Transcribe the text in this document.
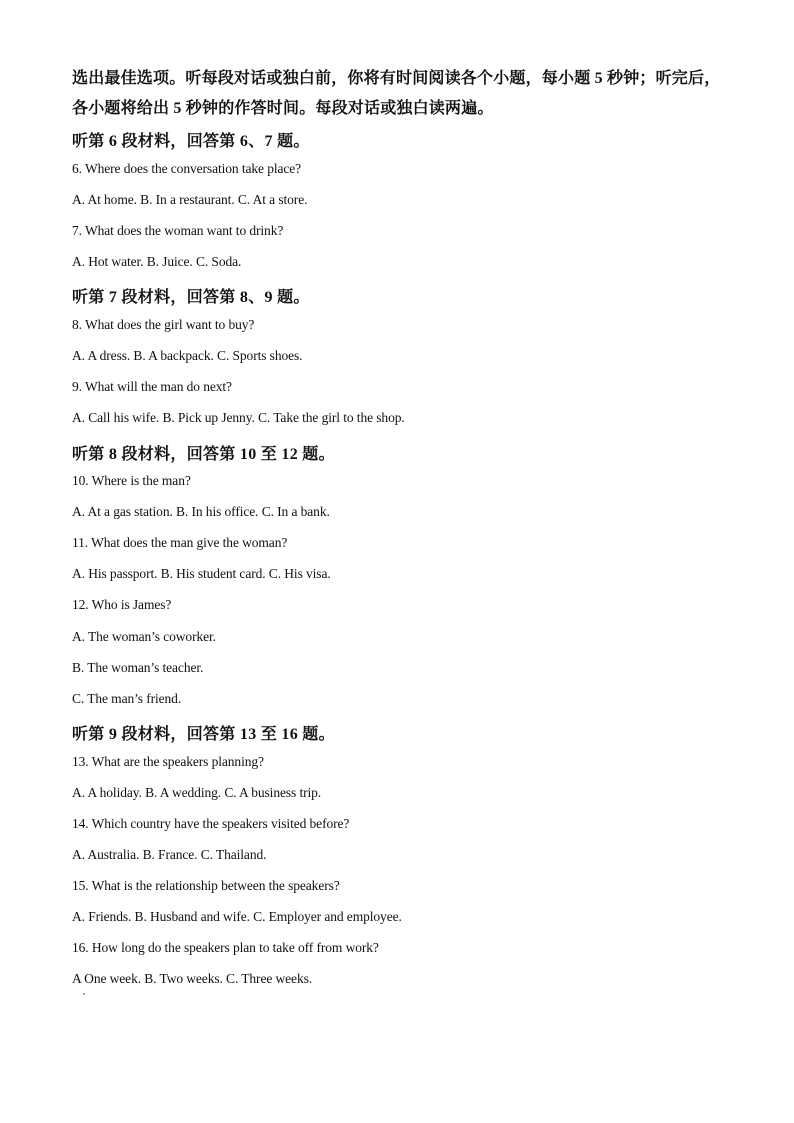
选出最佳选项。听每段对话或独白前，你将有时间阅读各个小题，每小题 5 秒钟；听完后，

各小题将给出 5 秒钟的作答时间。每段对话或独白读两遍。

听第 6 段材料，回答第 6、7 题。
6. Where does the conversation take place?
A. At home. B. In a restaurant. C. At a store.
7. What does the woman want to drink?
A. Hot water. B. Juice. C. Soda.
听第 7 段材料，回答第 8、9 题。
8. What does the girl want to buy?
A. A dress. B. A backpack. C. Sports shoes.
9. What will the man do next?
A. Call his wife. B. Pick up Jenny. C. Take the girl to the shop.
听第 8 段材料，回答第 10 至 12 题。
10. Where is the man?
A. At a gas station. B. In his office. C. In a bank.
11. What does the man give the woman?
A. His passport. B. His student card. C. His visa.
12. Who is James?
A. The woman’s coworker.
B. The woman’s teacher.
C. The man’s friend.
听第 9 段材料，回答第 13 至 16 题。
13. What are the speakers planning?
A. A holiday. B. A wedding. C. A business trip.
14. Which country have the speakers visited before?
A. Australia. B. France. C. Thailand.
15. What is the relationship between the speakers?
A. Friends. B. Husband and wife. C. Employer and employee.
16. How long do the speakers plan to take off from work?
A One week. B. Two weeks. C. Three weeks.
